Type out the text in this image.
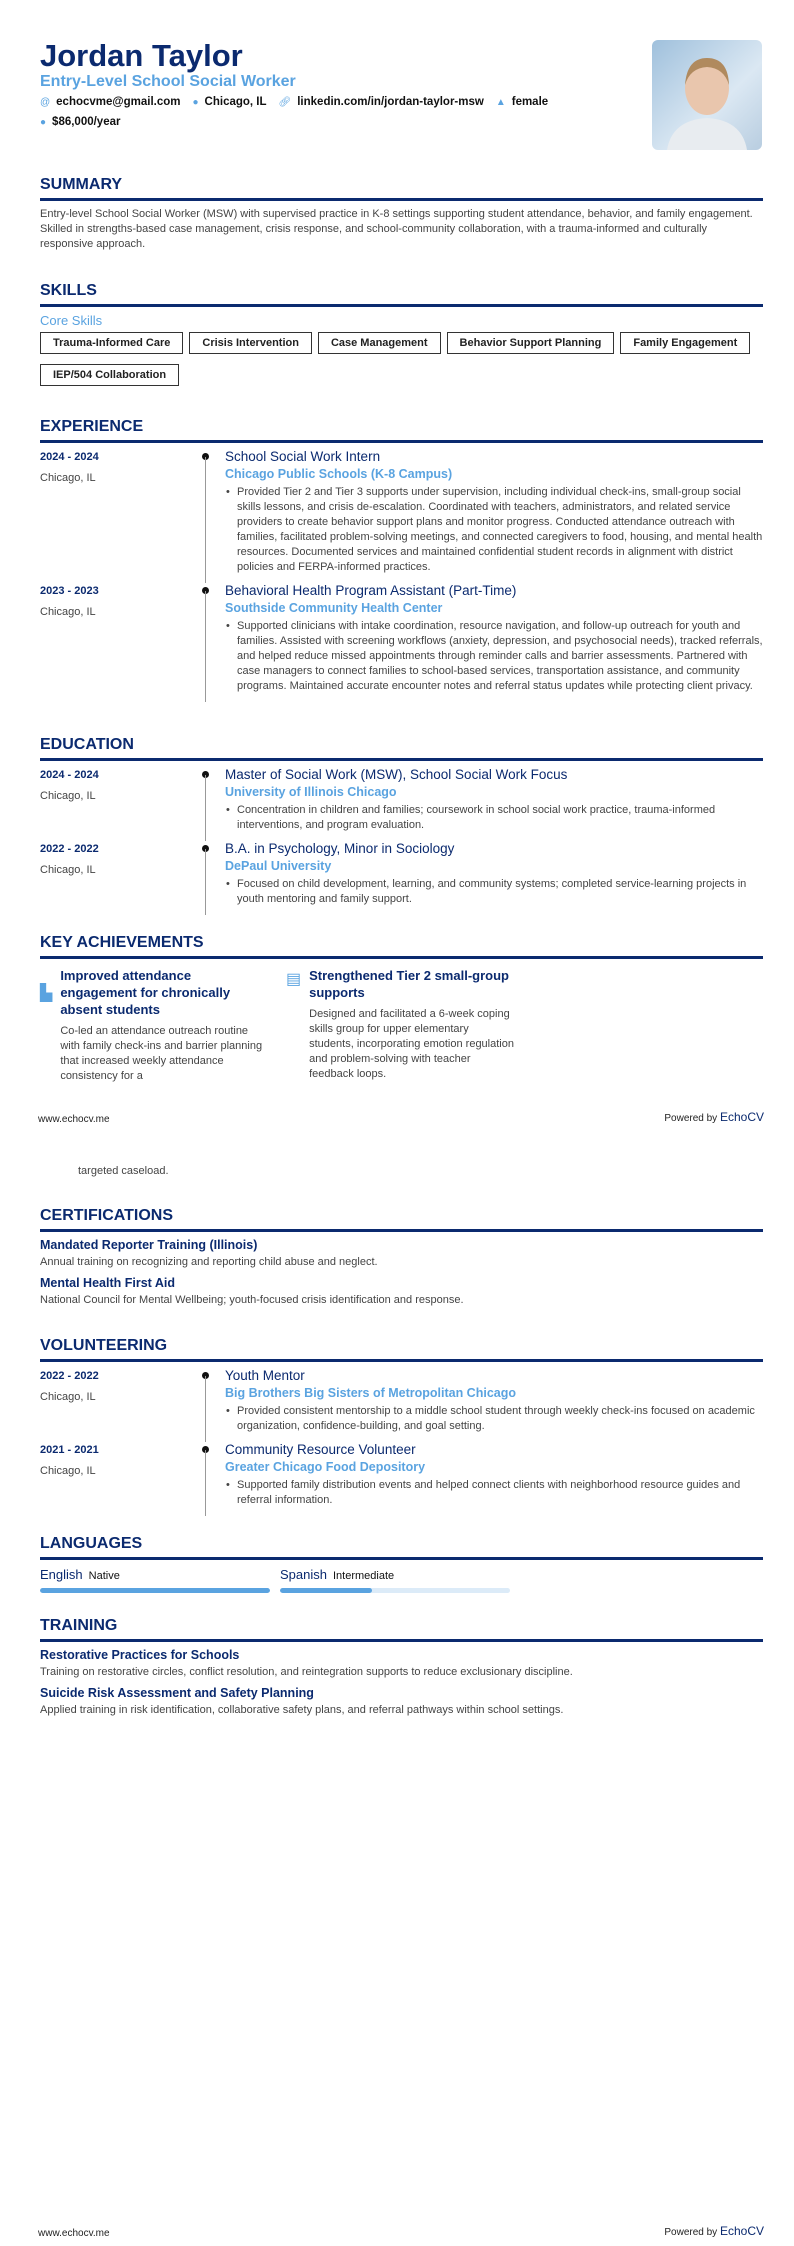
Jordan Taylor
Entry-Level School Social Worker
@ echocvme@gmail.com ● Chicago, IL 🔗︎ linkedin.com/in/jordan-taylor-msw ▲ female
● $86,000/year
SUMMARY

Entry-level School Social Worker (MSW) with supervised practice in K-8 settings supporting student attendance, behavior, and family engagement. Skilled in strengths-based case management, crisis response, and school-community collaboration, with a trauma-informed and culturally responsive approach.

SKILLS
Core Skills
Trauma-Informed Care	Crisis Intervention	Case Management	Behavior Support Planning	Family Engagement
IEP/504 Collaboration
EXPERIENCE
2024 - 2024
Chicago, IL
School Social Work Intern
Chicago Public Schools (K-8 Campus)
• Provided Tier 2 and Tier 3 supports under supervision, including individual check-ins, small-group social skills lessons, and crisis de-escalation. Coordinated with teachers, administrators, and related service providers to create behavior support plans and monitor progress. Conducted attendance outreach with families, facilitated problem-solving meetings, and connected caregivers to food, housing, and mental health resources. Documented services and maintained confidential student records in alignment with district policies and FERPA-informed practices.
2023 - 2023
Chicago, IL
Behavioral Health Program Assistant (Part-Time)
Southside Community Health Center
• Supported clinicians with intake coordination, resource navigation, and follow-up outreach for youth and families. Assisted with screening workflows (anxiety, depression, and psychosocial needs), tracked referrals, and helped reduce missed appointments through reminder calls and barrier assessments. Partnered with case managers to connect families to school-based services, transportation assistance, and community programs. Maintained accurate encounter notes and referral status updates while protecting client privacy.
EDUCATION
2024 - 2024
Chicago, IL
Master of Social Work (MSW), School Social Work Focus
University of Illinois Chicago
• Concentration in children and families; coursework in school social work practice, trauma-informed interventions, and program evaluation.
2022 - 2022
Chicago, IL
B.A. in Psychology, Minor in Sociology
DePaul University
• Focused on child development, learning, and community systems; completed service-learning projects in youth mentoring and family support.
KEY ACHIEVEMENTS
▙
Improved attendance engagement for chronically absent students
Co-led an attendance outreach routine with family check-ins and barrier planning that increased weekly attendance consistency for a
▤ Strengthened Tier 2 small-group supports
Designed and facilitated a 6-week coping skills group for upper elementary students, incorporating emotion regulation and problem-solving with teacher feedback loops.
www.echocv.me	Powered by EchoCV
targeted caseload.
CERTIFICATIONS
Mandated Reporter Training (Illinois)
Annual training on recognizing and reporting child abuse and neglect.
Mental Health First Aid
National Council for Mental Wellbeing; youth-focused crisis identification and response.
VOLUNTEERING
2022 - 2022
Chicago, IL
Youth Mentor
Big Brothers Big Sisters of Metropolitan Chicago
• Provided consistent mentorship to a middle school student through weekly check-ins focused on academic organization, confidence-building, and goal setting.
2021 - 2021
Chicago, IL
Community Resource Volunteer
Greater Chicago Food Depository
• Supported family distribution events and helped connect clients with neighborhood resource guides and referral information.
LANGUAGES
English Native	Spanish Intermediate
TRAINING
Restorative Practices for Schools
Training on restorative circles, conflict resolution, and reintegration supports to reduce exclusionary discipline.
Suicide Risk Assessment and Safety Planning
Applied training in risk identification, collaborative safety plans, and referral pathways within school settings.
www.echocv.me	Powered by EchoCV
